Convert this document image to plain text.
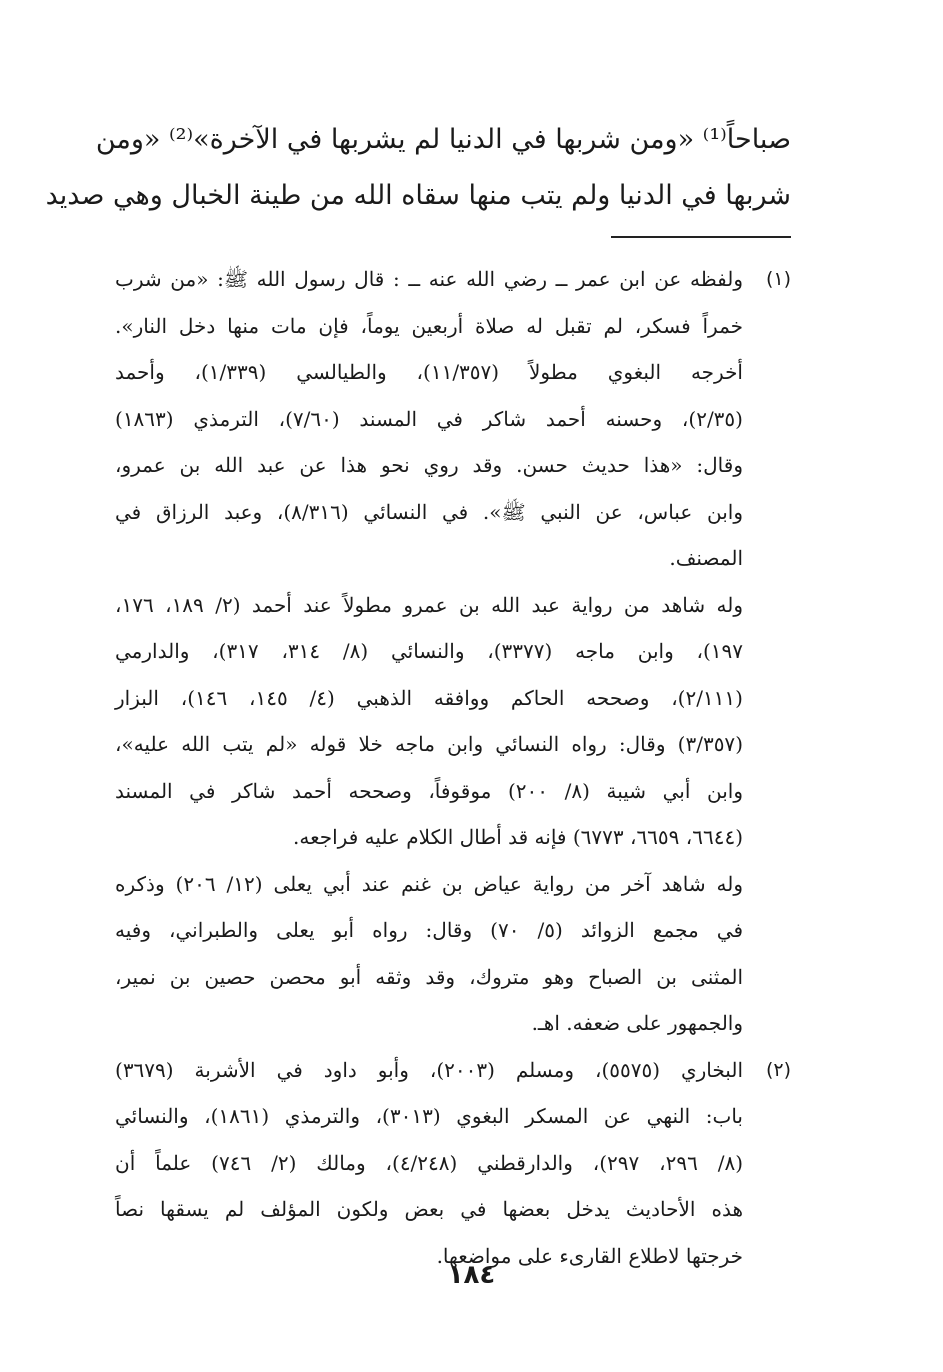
صباحاً⁽¹⁾ «ومن شربها في الدنيا لم يشربها في الآخرة»⁽²⁾ «ومن
شربها في الدنيا ولم يتب منها سقاه الله من طينة الخبال وهي صديد
(١)
ولفظه عن ابن عمر ــ رضي الله عنه ــ : قال رسول الله ﷺ: «من شرب
خمراً فسكر، لم تقبل له صلاة أربعين يوماً، فإن مات منها دخل النار».
أخرجه البغوي مطولاً (١١/٣٥٧)، والطيالسي (١/٣٣٩)، وأحمد
(٢/٣٥)، وحسنه أحمد شاكر في المسند (٧/٦٠)، الترمذي (١٨٦٣)
وقال: «هذا حديث حسن. وقد روي نحو هذا عن عبد الله بن عمرو،
وابن عباس، عن النبي ﷺ». في النسائي (٨/٣١٦)، وعبد الرزاق في
المصنف.
وله شاهد من رواية عبد الله بن عمرو مطولاً عند أحمد (٢/ ١٨٩، ١٧٦،
١٩٧)، وابن ماجه (٣٣٧٧)، والنسائي (٨/ ٣١٤، ٣١٧)، والدارمي
(٢/١١١)، وصححه الحاكم ووافقه الذهبي (٤/ ١٤٥، ١٤٦)، البزار
(٣/٣٥٧) وقال: رواه النسائي وابن ماجه خلا قوله «لم يتب الله عليه»،
وابن أبي شيبة (٨/ ٢٠٠) موقوفاً، وصححه أحمد شاكر في المسند
(٦٦٤٤، ٦٦٥٩، ٦٧٧٣) فإنه قد أطال الكلام عليه فراجعه.
وله شاهد آخر من رواية عياض بن غنم عند أبي يعلى (١٢/ ٢٠٦) وذكره
في مجمع الزوائد (٥/ ٧٠) وقال: رواه أبو يعلى والطبراني، وفيه
المثنى بن الصباح وهو متروك، وقد وثقه أبو محصن حصين بن نمير،
والجمهور على ضعفه. اهـ.
(٢)
البخاري (٥٥٧٥)، ومسلم (٢٠٠٣)، وأبو داود في الأشربة (٣٦٧٩)
باب: النهي عن المسكر البغوي (٣٠١٣)، والترمذي (١٨٦١)، والنسائي
(٨/ ٢٩٦، ٢٩٧)، والدارقطني (٤/٢٤٨)، ومالك (٢/ ٧٤٦) علماً أن
هذه الأحاديث يدخل بعضها في بعض ولكون المؤلف لم يسقها نصاً
خرجتها لاطلاع القارىء على مواضعها.
١٨٤
